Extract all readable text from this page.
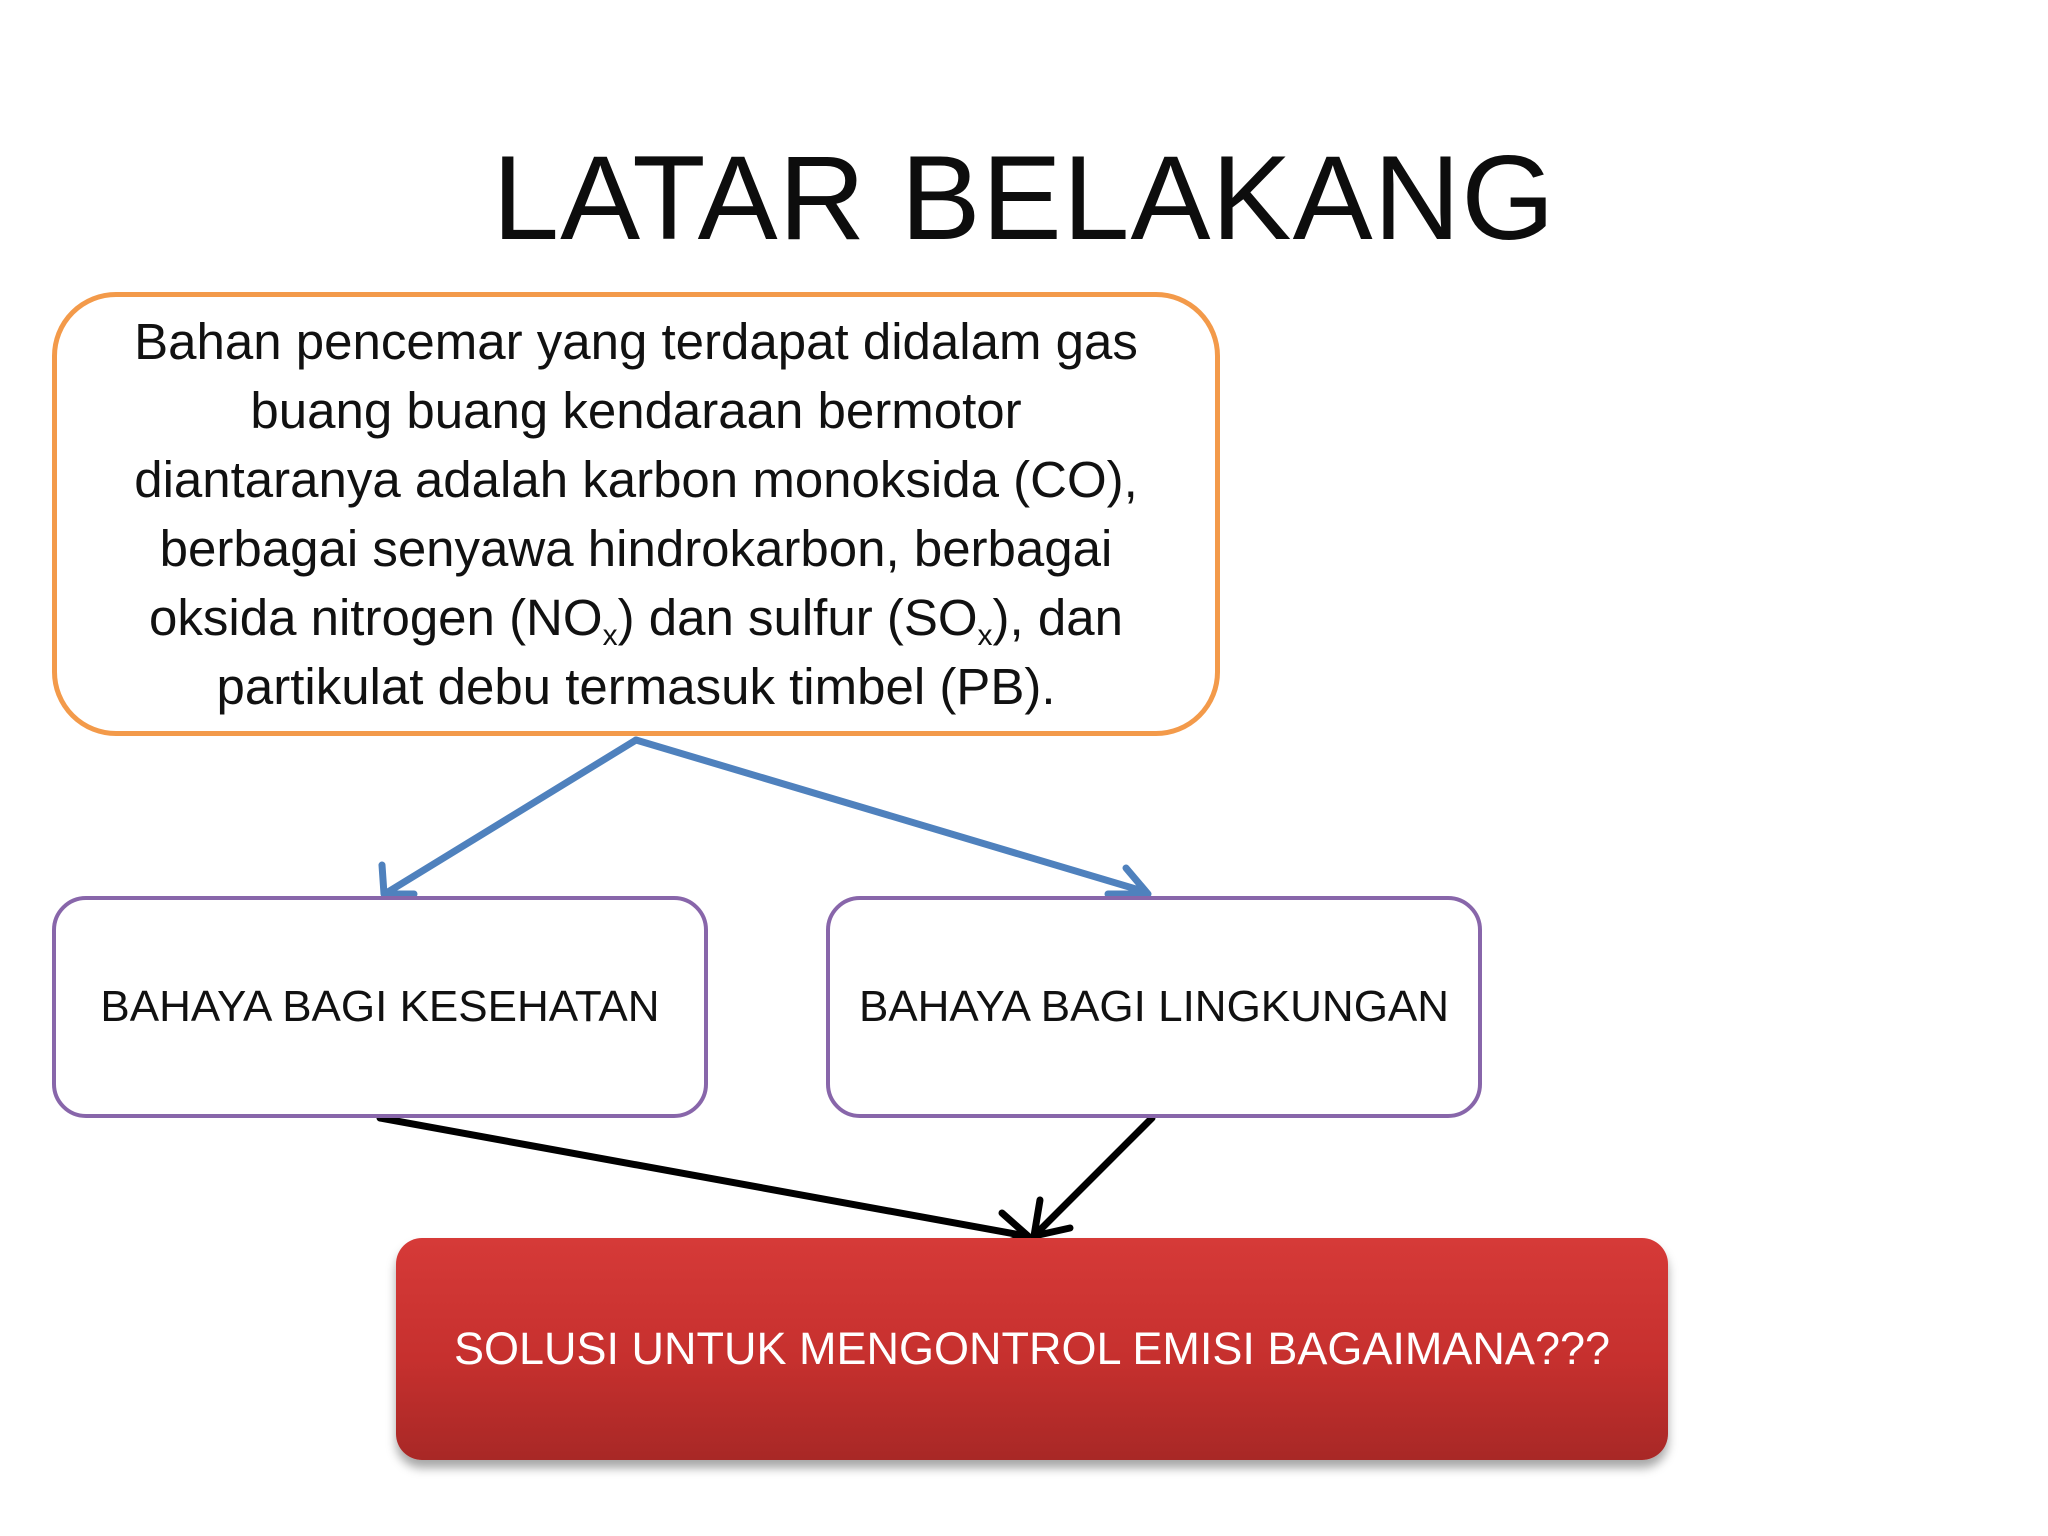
LATAR BELAKANG
Bahan pencemar yang terdapat didalam gas
buang buang kendaraan bermotor
diantaranya adalah karbon monoksida (CO),
berbagai senyawa hindrokarbon, berbagai
oksida nitrogen $(NO_x)$ dan sulfur $(SO_x)$, dan
partikulat debu termasuk timbel (PB).
BAHAYA BAGI KESEHATAN	BAHAYA BAGI LINGKUNGAN
SOLUSI UNTUK MENGONTROL EMISI BAGAIMANA???
